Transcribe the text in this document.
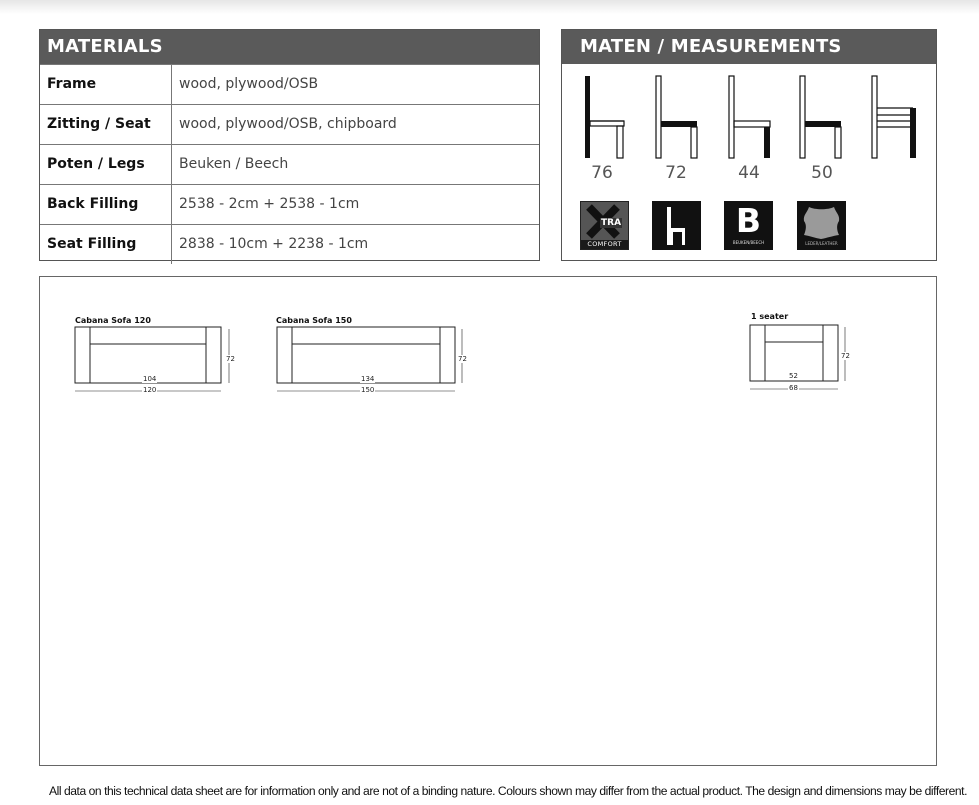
MATERIALS
Frame	wood, plywood/OSB
Zitting / Seat	wood, plywood/OSB, chipboard
Poten / Legs	Beuken / Beech
Back Filling	2538 - 2cm + 2538 - 1cm
Seat Filling	2838 - 10cm + 2238 - 1cm
MATEN / MEASUREMENTS
76	72	44	50
TRA
COMFORT
B
BEUKEN/BEECH	LEDER/LEATHER
Cabana Sofa 120
104
120
72
Cabana Sofa 150
134
150
72
1 seater
52
68
72
All data on this technical data sheet are for information only and are not of a binding nature. Colours shown may differ from the actual product. The design and dimensions may be different.
